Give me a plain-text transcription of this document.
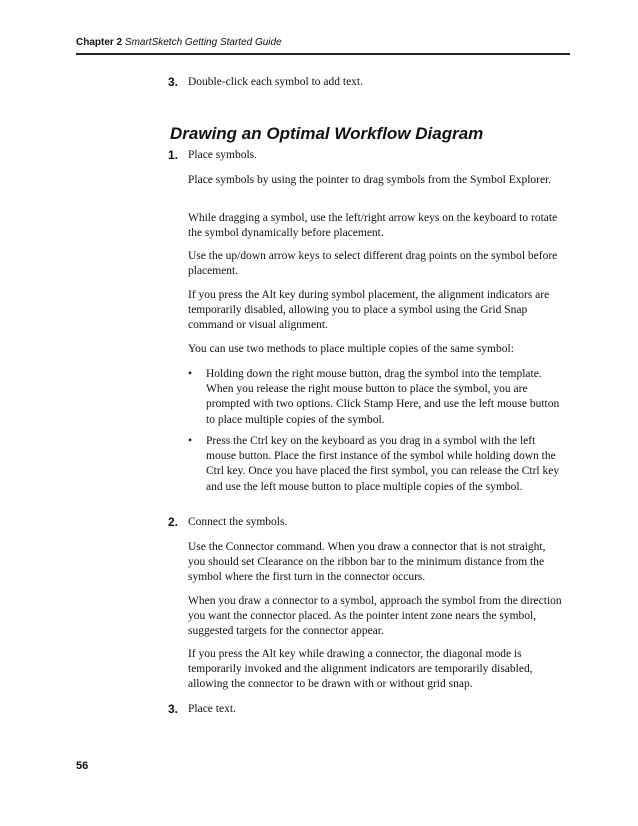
Chapter 2 SmartSketch Getting Started Guide
3. Double-click each symbol to add text.
Drawing an Optimal Workflow Diagram
1. Place symbols.
Place symbols by using the pointer to drag symbols from the Symbol Explorer.
While dragging a symbol, use the left/right arrow keys on the keyboard to rotate the symbol dynamically before placement.
Use the up/down arrow keys to select different drag points on the symbol before placement.
If you press the Alt key during symbol placement, the alignment indicators are temporarily disabled, allowing you to place a symbol using the Grid Snap command or visual alignment.
You can use two methods to place multiple copies of the same symbol:
• Holding down the right mouse button, drag the symbol into the template. When you release the right mouse button to place the symbol, you are prompted with two options. Click Stamp Here, and use the left mouse button to place multiple copies of the symbol.
• Press the Ctrl key on the keyboard as you drag in a symbol with the left mouse button. Place the first instance of the symbol while holding down the Ctrl key. Once you have placed the first symbol, you can release the Ctrl key and use the left mouse button to place multiple copies of the symbol.
2. Connect the symbols.
Use the Connector command. When you draw a connector that is not straight, you should set Clearance on the ribbon bar to the minimum distance from the symbol where the first turn in the connector occurs.
When you draw a connector to a symbol, approach the symbol from the direction you want the connector placed. As the pointer intent zone nears the symbol, suggested targets for the connector appear.
If you press the Alt key while drawing a connector, the diagonal mode is temporarily invoked and the alignment indicators are temporarily disabled, allowing the connector to be drawn with or without grid snap.
3. Place text.
56
